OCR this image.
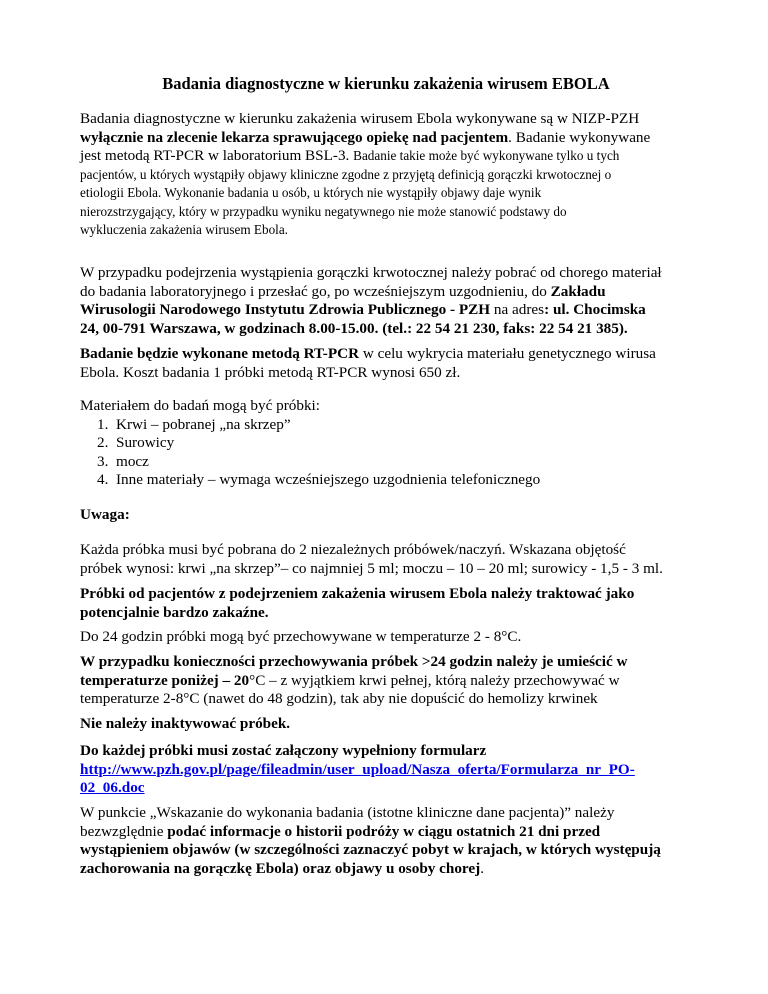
Badania diagnostyczne w kierunku zakażenia wirusem EBOLA
Badania diagnostyczne w kierunku zakażenia wirusem Ebola wykonywane są w NIZP-PZH
wyłącznie na zlecenie lekarza sprawującego opiekę nad pacjentem. Badanie wykonywane
jest metodą RT-PCR w laboratorium BSL-3. Badanie takie może być wykonywane tylko u tych
pacjentów, u których wystąpiły objawy kliniczne zgodne z przyjętą definicją gorączki krwotocznej o
etiologii Ebola. Wykonanie badania u osób, u których nie wystąpiły objawy daje wynik
nierozstrzygający, który w przypadku wyniku negatywnego nie może stanowić podstawy do
wykluczenia zakażenia wirusem Ebola.
W przypadku podejrzenia wystąpienia gorączki krwotocznej należy pobrać od chorego materiał
do badania laboratoryjnego i przesłać go, po wcześniejszym uzgodnieniu, do Zakładu
Wirusologii Narodowego Instytutu Zdrowia Publicznego - PZH na adres: ul. Chocimska
24, 00-791 Warszawa, w godzinach 8.00-15.00. (tel.: 22 54 21 230, faks: 22 54 21 385).
Badanie będzie wykonane metodą RT-PCR w celu wykrycia materiału genetycznego wirusa
Ebola. Koszt badania 1 próbki metodą RT-PCR wynosi 650 zł.
Materiałem do badań mogą być próbki:
1. Krwi – pobranej „na skrzep”
2. Surowicy
3. mocz
4. Inne materiały – wymaga wcześniejszego uzgodnienia telefonicznego
Uwaga:
Każda próbka musi być pobrana do 2 niezależnych próbówek/naczyń. Wskazana objętość
próbek wynosi: krwi „na skrzep”– co najmniej 5 ml; moczu – 10 – 20 ml; surowicy - 1,5 - 3 ml.
Próbki od pacjentów z podejrzeniem zakażenia wirusem Ebola należy traktować jako
potencjalnie bardzo zakaźne.
Do 24 godzin próbki mogą być przechowywane w temperaturze 2 - 8°C.
W przypadku konieczności przechowywania próbek >24 godzin należy je umieścić w
temperaturze poniżej – 20°C – z wyjątkiem krwi pełnej, którą należy przechowywać w
temperaturze 2-8°C (nawet do 48 godzin), tak aby nie dopuścić do hemolizy krwinek
Nie należy inaktywować próbek.
Do każdej próbki musi zostać załączony wypełniony formularz
http://www.pzh.gov.pl/page/fileadmin/user_upload/Nasza_oferta/Formularza_nr_PO-
02_06.doc
W punkcie „Wskazanie do wykonania badania (istotne kliniczne dane pacjenta)” należy
bezwzględnie podać informacje o historii podróży w ciągu ostatnich 21 dni przed
wystąpieniem objawów (w szczególności zaznaczyć pobyt w krajach, w których występują
zachorowania na gorączkę Ebola) oraz objawy u osoby chorej.
